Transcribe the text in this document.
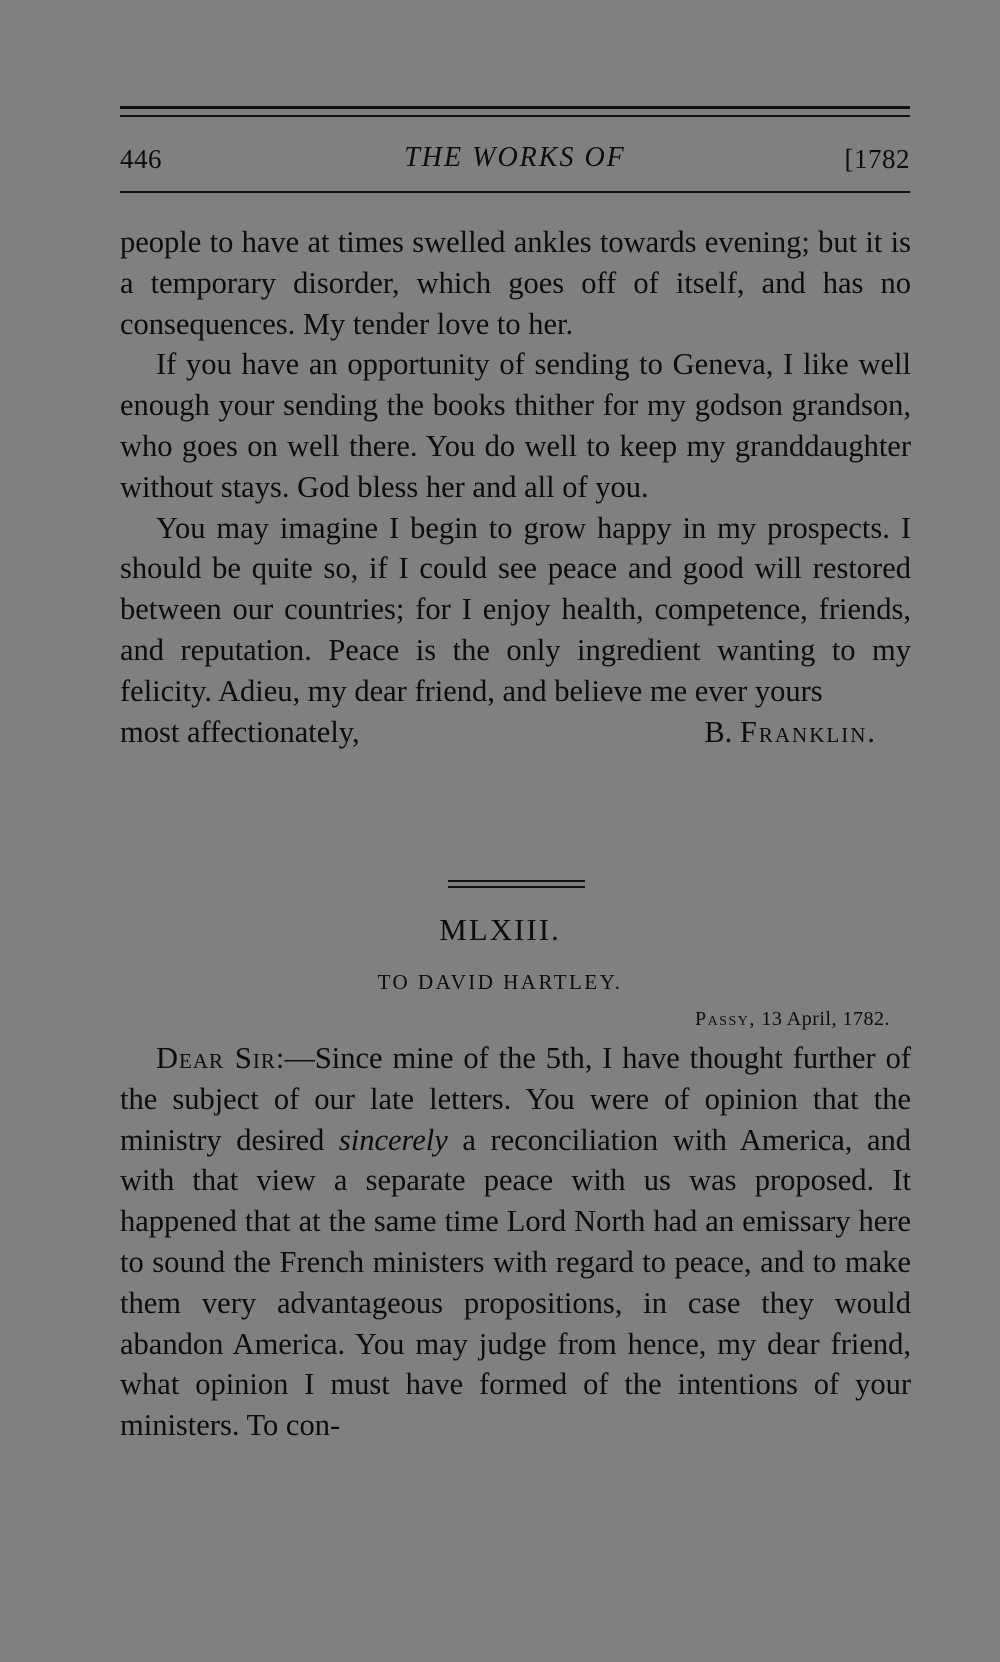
446	THE WORKS OF	[1782

people to have at times swelled ankles towards evening; but it is a temporary disorder, which goes off of itself, and has no consequences. My tender love to her.

If you have an opportunity of sending to Geneva, I like well enough your sending the books thither for my godson grandson, who goes on well there. You do well to keep my granddaughter without stays. God bless her and all of you.

You may imagine I begin to grow happy in my prospects. I should be quite so, if I could see peace and good will restored between our countries; for I enjoy health, competence, friends, and reputation. Peace is the only ingredient wanting to my felicity. Adieu, my dear friend, and believe me ever yours

most affectionately,	B. Franklin.
MLXIII.
TO DAVID HARTLEY.
Passy, 13 April, 1782.

Dear Sir:—Since mine of the 5th, I have thought further of the subject of our late letters. You were of opinion that the ministry desired sincerely a reconciliation with America, and with that view a separate peace with us was proposed. It happened that at the same time Lord North had an emissary here to sound the French ministers with regard to peace, and to make them very advantageous propositions, in case they would abandon America. You may judge from hence, my dear friend, what opinion I must have formed of the intentions of your ministers. To con-
